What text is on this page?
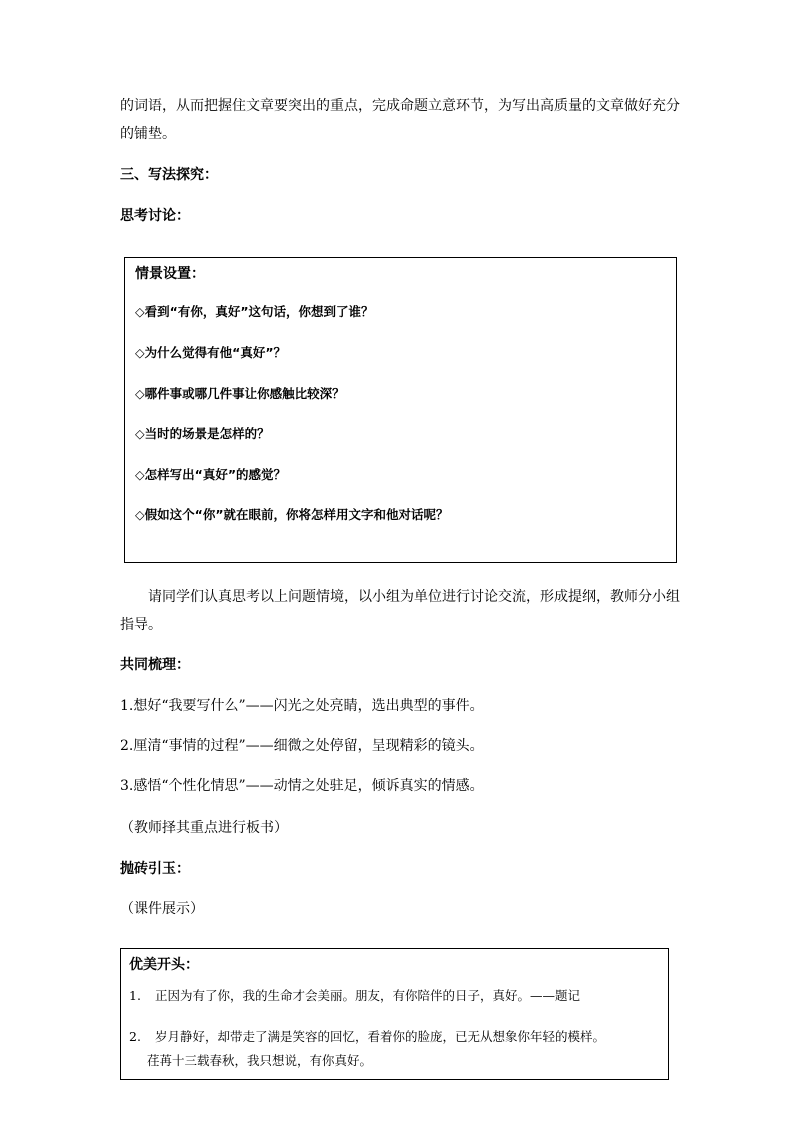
的词语，从而把握住文章要突出的重点，完成命题立意环节，为写出高质量的文章做好充分
的铺垫。
三、写法探究：
思考讨论：
情景设置：
◇看到“有你，真好”这句话，你想到了谁？
◇为什么觉得有他“真好”？
◇哪件事或哪几件事让你感触比较深？
◇当时的场景是怎样的？
◇怎样写出“真好”的感觉？
◇假如这个“你”就在眼前，你将怎样用文字和他对话呢？
请同学们认真思考以上问题情境，以小组为单位进行讨论交流，形成提纲，教师分小组
指导。
共同梳理：
1.想好“我要写什么”——闪光之处亮睛，选出典型的事件。
2.厘清“事情的过程”——细微之处停留，呈现精彩的镜头。
3.感悟“个性化情思”——动情之处驻足，倾诉真实的情感。
（教师择其重点进行板书）
抛砖引玉：
（课件展示）
优美开头：
1. 正因为有了你，我的生命才会美丽。朋友，有你陪伴的日子，真好。——题记
2. 岁月静好，却带走了满是笑容的回忆，看着你的脸庞，已无从想象你年轻的模样。
荏苒十三载春秋，我只想说，有你真好。
